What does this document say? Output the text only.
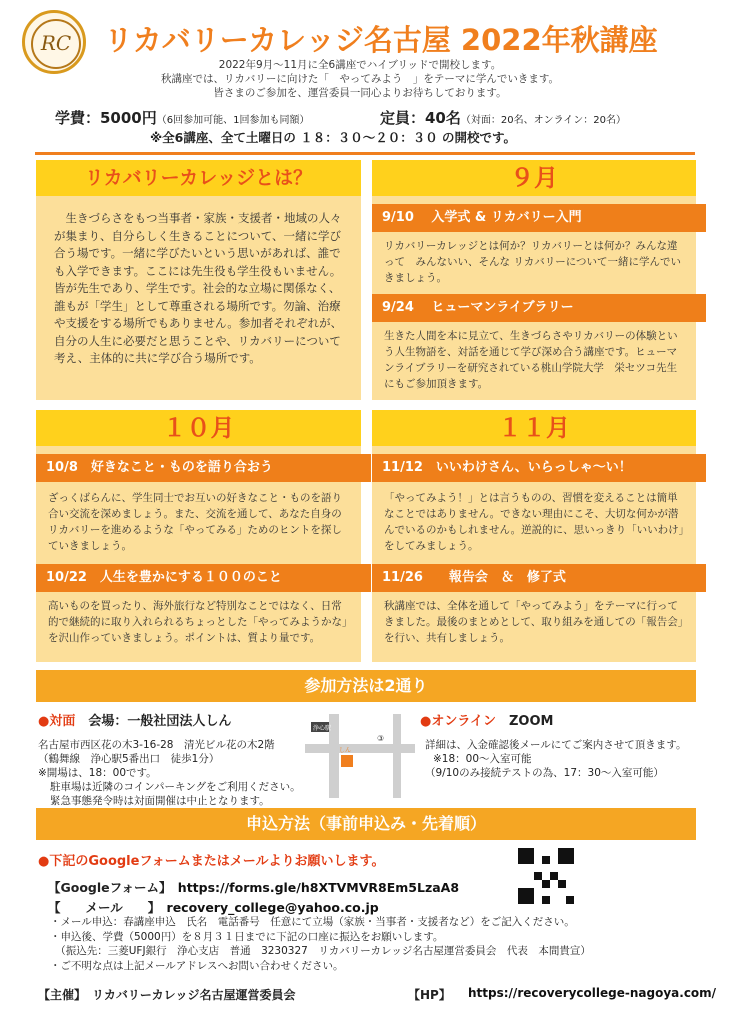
RC	リカバリーカレッジ名古屋 2022年秋講座
2022年9月～11月に全6講座でハイブリッドで開校します。
秋講座では、リカバリーに向けた「　やってみよう　」をテーマに学んでいきます。
皆さまのご参加を、運営委員一同心よりお待ちしております。
学費：5000円（6回参加可能、1回参加も同額）	定員：40名（対面：20名、オンライン：20名）
※全6講座、全て土曜日の １８：３０～２０：３０ の開校です。
リカバリーカレッジとは？
生きづらさをもつ当事者・家族・支援者・地域の人々が集まり、自分らしく生きることについて、一緒に学び合う場です。一緒に学びたいという思いがあれば、誰でも入学できます。ここには先生役も学生役もいません。皆が先生であり、学生です。社会的な立場に関係なく、誰もが「学生」として尊重される場所です。勿論、治療や支援をする場所でもありません。参加者それぞれが、自分の人生に必要だと思うことや、リカバリーについて考え、主体的に共に学び合う場所です。
９月
9/10　 入学式 & リカバリー入門
リカバリーカレッジとは何か？リカバリーとは何か？みんな違って　みんないい、そんな リカバリーについて一緒に学んでいきましょう。
9/24　 ヒューマンライブラリー
生きた人間を本に見立て、生きづらさやリカバリーの体験という人生物語を、対話を通じて学び深め合う講座です。ヒューマンライブラリーを研究されている桃山学院大学　栄セツコ先生にもご参加頂きます。
１０月
10/8　好きなこと・ものを語り合おう
ざっくばらんに、学生同士でお互いの好きなこと・ものを語り合い交流を深めましょう。また、交流を通して、あなた自身のリカバリーを進めるような「やってみる」ためのヒントを探していきましょう。
10/22　人生を豊かにする１００のこと
高いものを買ったり、海外旅行など特別なことではなく、日常的で継続的に取り入れられるちょっとした「やってみようかな」を沢山作っていきましょう。ポイントは、質より量です。
１１月
11/12　いいわけさん、いらっしゃ～い！
「やってみよう！」とは言うものの、習慣を変えることは簡単なことではありません。できない理由にこそ、大切な何かが潜んでいるのかもしれません。逆説的に、思いっきり「いいわけ」をしてみましょう。
11/26　　報告会　＆　修了式
秋講座では、全体を通して「やってみよう」をテーマに行ってきました。最後のまとめとして、取り組みを通しての「報告会」を行い、共有しましょう。
参加方法は2通り
●対面　 会場：一般社団法人しん
名古屋市西区花の木3-16-28　清光ビル花の木2階
（鶴舞線　浄心駅5番出口　徒歩1分）
※開場は、18：00です。
駐車場は近隣のコインパーキングをご利用ください。
緊急事態発令時は対面開催は中止となります。
浄心駅
③
しん
●オンライン　 ZOOM
詳細は、入金確認後メールにてご案内させて頂きます。
※18：00～入室可能
（9/10のみ接続テストの為、17：30～入室可能）
申込方法（事前申込み・先着順）
●下記のGoogleフォームまたはメールよりお願いします。
【Googleフォーム】　 https://forms.gle/h8XTVMVR8Em5LzaA8
【　　メール　　】　 recovery_college@yahoo.co.jp
・メール申込：春講座申込　氏名　電話番号　任意にて立場（家族・当事者・支援者など）をご記入ください。
・申込後、学費（5000円）を８月３１日までに下記の口座に振込をお願いします。
　（振込先：三菱UFJ銀行　浄心支店　普通　3230327　リカバリーカレッジ名古屋運営委員会　代表　本間貴宣）
・ご不明な点は上記メールアドレスへお問い合わせください。
【主催】　リカバリーカレッジ名古屋運営委員会	【HP】 https://recoverycollege-nagoya.com/
